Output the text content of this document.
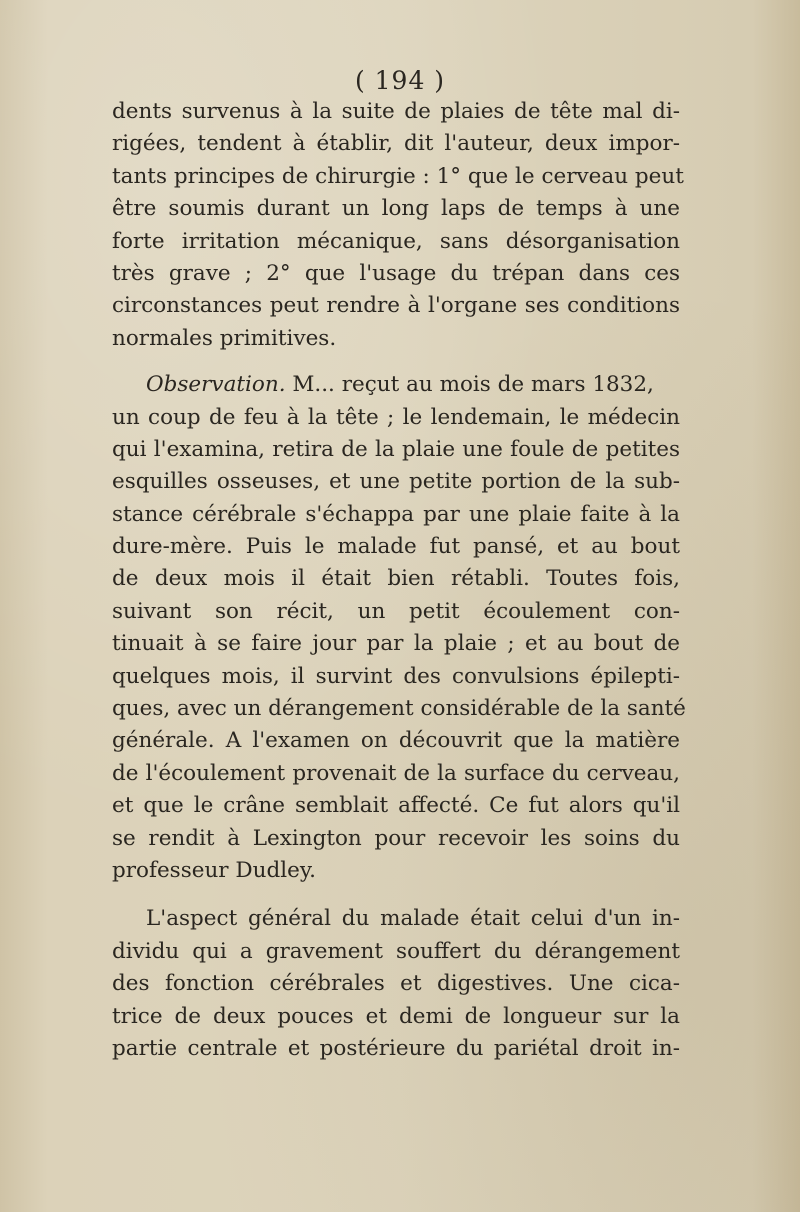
( 194 )
dents survenus à la suite de plaies de tête mal di-
rigées, tendent à établir, dit l'auteur, deux impor-
tants principes de chirurgie : 1° que le cerveau peut
être soumis durant un long laps de temps à une
forte irritation mécanique, sans désorganisation
très grave ; 2° que l'usage du trépan dans ces
circonstances peut rendre à l'organe ses conditions
normales primitives.
Observation. M... reçut au mois de mars 1832,
un coup de feu à la tête ; le lendemain, le médecin
qui l'examina, retira de la plaie une foule de petites
esquilles osseuses, et une petite portion de la sub-
stance cérébrale s'échappa par une plaie faite à la
dure-mère. Puis le malade fut pansé, et au bout
de deux mois il était bien rétabli. Toutes fois,
suivant son récit, un petit écoulement con-
tinuait à se faire jour par la plaie ; et au bout de
quelques mois, il survint des convulsions épilepti-
ques, avec un dérangement considérable de la santé
générale. A l'examen on découvrit que la matière
de l'écoulement provenait de la surface du cerveau,
et que le crâne semblait affecté. Ce fut alors qu'il
se rendit à Lexington pour recevoir les soins du
professeur Dudley.
L'aspect général du malade était celui d'un in-
dividu qui a gravement souffert du dérangement
des fonction cérébrales et digestives. Une cica-
trice de deux pouces et demi de longueur sur la
partie centrale et postérieure du pariétal droit in-
